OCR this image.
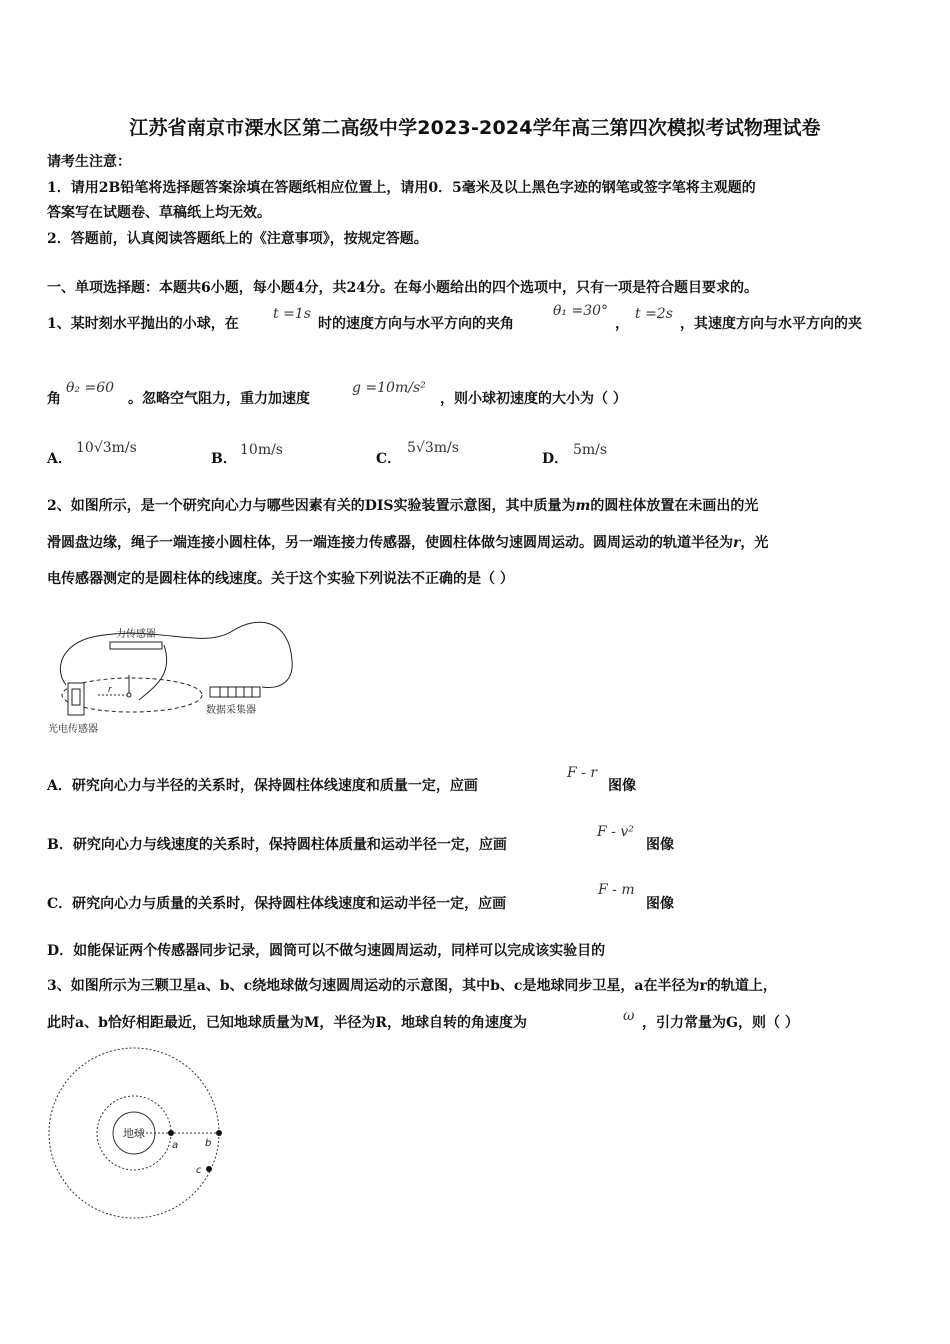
江苏省南京市溧水区第二高级中学2023-2024学年高三第四次模拟考试物理试卷
请考生注意：
1．请用2B铅笔将选择题答案涂填在答题纸相应位置上，请用0．5毫米及以上黑色字迹的钢笔或签字笔将主观题的
答案写在试题卷、草稿纸上均无效。
2．答题前，认真阅读答题纸上的《注意事项》，按规定答题。
一、单项选择题：本题共6小题，每小题4分，共24分。在每小题给出的四个选项中，只有一项是符合题目要求的。
1、某时刻水平抛出的小球，在
t =1s
时的速度方向与水平方向的夹角
θ₁ =30°
，
t =2s
，其速度方向与水平方向的夹
角
θ₂ =60
。忽略空气阻力，重力加速度
g =10m/s²
，则小球初速度的大小为（ ）
A．
10√3m/s
B．
10m/s
C．
5√3m/s
D．
5m/s
2、如图所示，是一个研究向心力与哪些因素有关的DIS实验装置示意图，其中质量为m的圆柱体放置在未画出的光
滑圆盘边缘，绳子一端连接小圆柱体，另一端连接力传感器，使圆柱体做匀速圆周运动。圆周运动的轨道半径为r，光
电传感器测定的是圆柱体的线速度。关于这个实验下列说法不正确的是（ ）
力传感器
r
光电传感器
数据采集器
A．研究向心力与半径的关系时，保持圆柱体线速度和质量一定，应画
F - r
图像
B．研究向心力与线速度的关系时，保持圆柱体质量和运动半径一定，应画
F - v²
图像
C．研究向心力与质量的关系时，保持圆柱体线速度和运动半径一定，应画
F - m
图像
D．如能保证两个传感器同步记录，圆筒可以不做匀速圆周运动，同样可以完成该实验目的
3、如图所示为三颗卫星a、b、c绕地球做匀速圆周运动的示意图，其中b、c是地球同步卫星，a在半径为r的轨道上，
此时a、b恰好相距最近，已知地球质量为M，半径为R，地球自转的角速度为	ω ，引力常量为G，则（ ）
地球
a	b
c
